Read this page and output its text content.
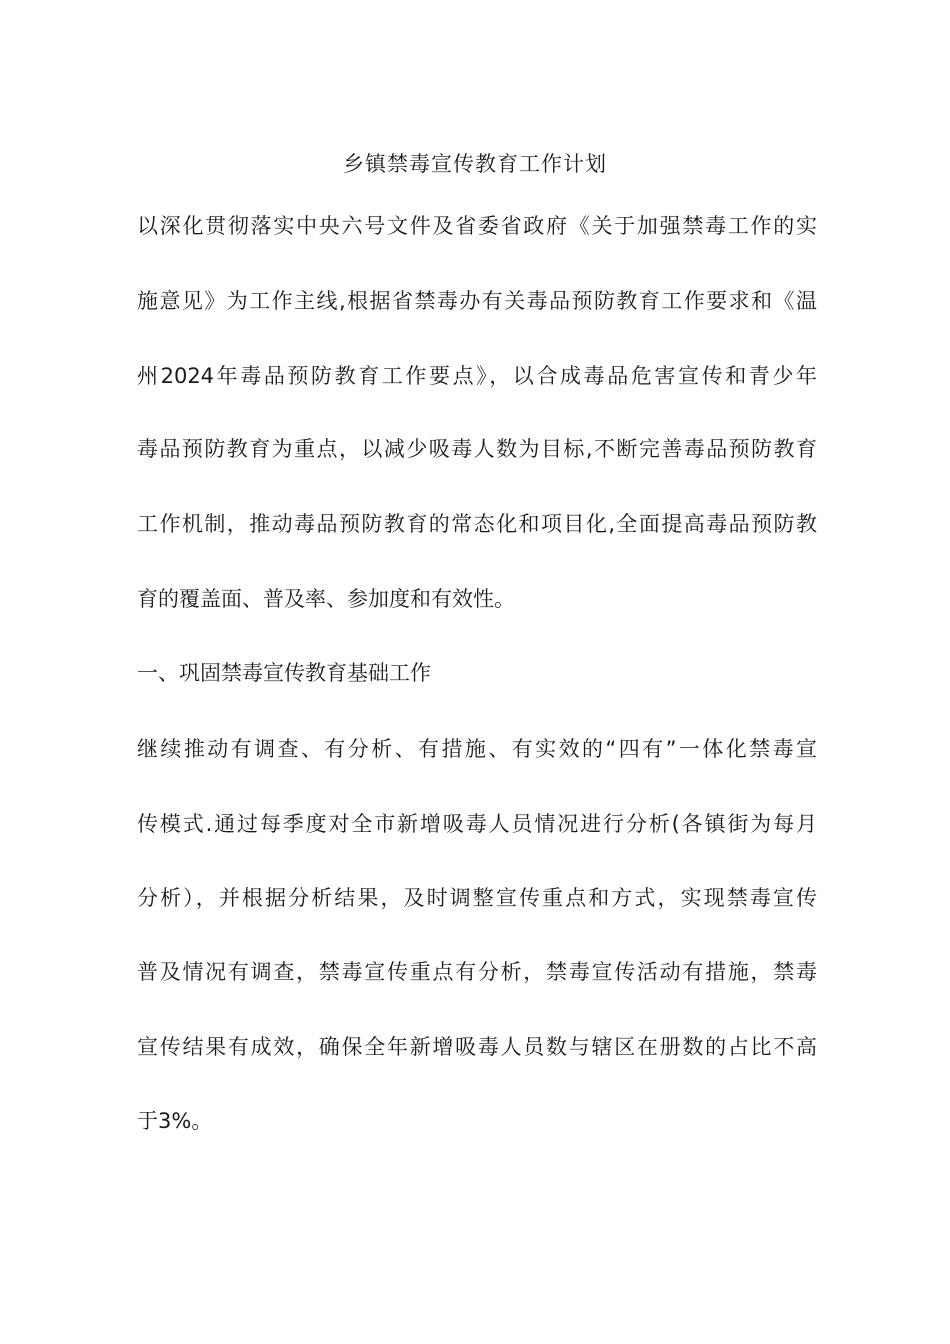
乡镇禁毒宣传教育工作计划
以深化贯彻落实中央六号文件及省委省政府《关于加强禁毒工作的实
施意见》为工作主线,根据省禁毒办有关毒品预防教育工作要求和《温
州2024年毒品预防教育工作要点》，以合成毒品危害宣传和青少年
毒品预防教育为重点，以减少吸毒人数为目标,不断完善毒品预防教育
工作机制，推动毒品预防教育的常态化和项目化,全面提高毒品预防教
育的覆盖面、普及率、参加度和有效性。
一、巩固禁毒宣传教育基础工作
继续推动有调查、有分析、有措施、有实效的“四有”一体化禁毒宣
传模式.通过每季度对全市新增吸毒人员情况进行分析(各镇街为每月
分析），并根据分析结果，及时调整宣传重点和方式，实现禁毒宣传
普及情况有调查，禁毒宣传重点有分析，禁毒宣传活动有措施，禁毒
宣传结果有成效，确保全年新增吸毒人员数与辖区在册数的占比不高
于3%。
